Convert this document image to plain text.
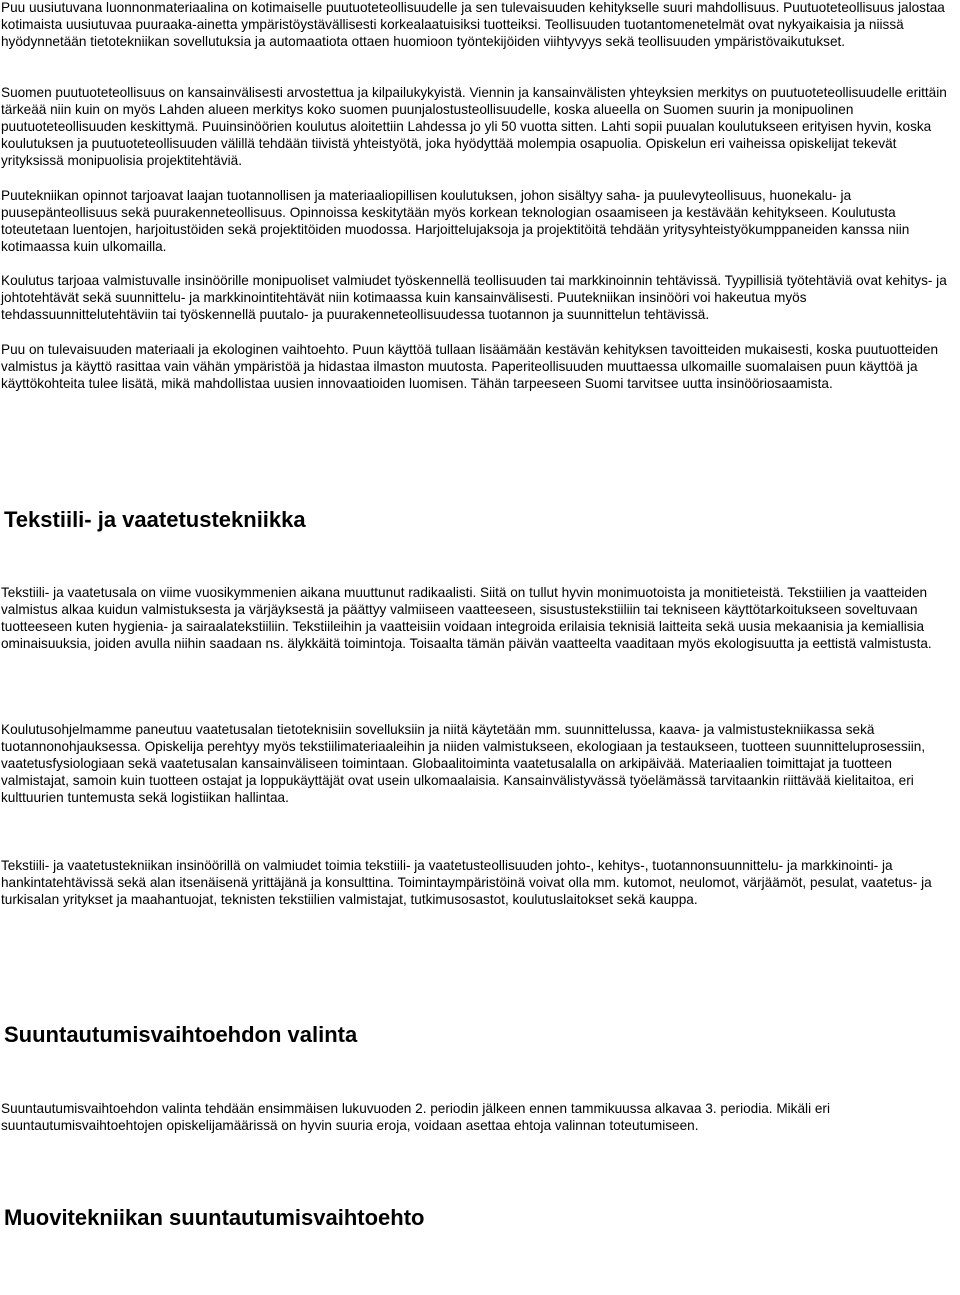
Puu uusiutuvana luonnonmateriaalina on kotimaiselle puutuoteteollisuudelle ja sen tulevaisuuden kehitykselle suuri mahdollisuus. Puutuoteteollisuus jalostaa kotimaista uusiutuvaa puuraaka-ainetta ympäristöystävällisesti korkealaatuisiksi tuotteiksi. Teollisuuden tuotantomenetelmät ovat nykyaikaisia ja niissä hyödynnetään tietotekniikan sovellutuksia ja automaatiota ottaen huomioon työntekijöiden viihtyvyys sekä teollisuuden ympäristövaikutukset.

Suomen puutuoteteollisuus on kansainvälisesti arvostettua ja kilpailukykyistä. Viennin ja kansainvälisten yhteyksien merkitys on puutuoteteollisuudelle erittäin tärkeää niin kuin on myös Lahden alueen merkitys koko suomen puunjalostusteollisuudelle, koska alueella on Suomen suurin ja monipuolinen puutuoteteollisuuden keskittymä. Puuinsinöörien koulutus aloitettiin Lahdessa jo yli 50 vuotta sitten. Lahti sopii puualan koulutukseen erityisen hyvin, koska koulutuksen ja puutuoteteollisuuden välillä tehdään tiivistä yhteistyötä, joka hyödyttää molempia osapuolia. Opiskelun eri vaiheissa opiskelijat tekevät yrityksissä monipuolisia projektitehtäviä.

Puutekniikan opinnot tarjoavat laajan tuotannollisen ja materiaaliopillisen koulutuksen, johon sisältyy saha- ja puulevyteollisuus, huonekalu- ja puusepänteollisuus sekä puurakenneteollisuus. Opinnoissa keskitytään myös korkean teknologian osaamiseen ja kestävään kehitykseen. Koulutusta toteutetaan luentojen, harjoitustöiden sekä projektitöiden muodossa. Harjoittelujaksoja ja projektitöitä tehdään yritysyhteistyökumppaneiden kanssa niin kotimaassa kuin ulkomailla.

Koulutus tarjoaa valmistuvalle insinöörille monipuoliset valmiudet työskennellä teollisuuden tai markkinoinnin tehtävissä. Tyypillisiä työtehtäviä ovat kehitys- ja johtotehtävät sekä suunnittelu- ja markkinointitehtävät niin kotimaassa kuin kansainvälisesti. Puutekniikan insinööri voi hakeutua myös tehdassuunnittelutehtäviin tai työskennellä puutalo- ja puurakenneteollisuudessa tuotannon ja suunnittelun tehtävissä.

Puu on tulevaisuuden materiaali ja ekologinen vaihtoehto. Puun käyttöä tullaan lisäämään kestävän kehityksen tavoitteiden mukaisesti, koska puutuotteiden valmistus ja käyttö rasittaa vain vähän ympäristöä ja hidastaa ilmaston muutosta. Paperiteollisuuden muuttaessa ulkomaille suomalaisen puun käyttöä ja käyttökohteita tulee lisätä, mikä mahdollistaa uusien innovaatioiden luomisen. Tähän tarpeeseen Suomi tarvitsee uutta insinööriosaamista.

Tekstiili- ja vaatetustekniikka

Tekstiili- ja vaatetusala on viime vuosikymmenien aikana muuttunut radikaalisti. Siitä on tullut hyvin monimuotoista ja monitieteistä. Tekstiilien ja vaatteiden valmistus alkaa kuidun valmistuksesta ja värjäyksestä ja päättyy valmiiseen vaatteeseen, sisustustekstiiliin tai tekniseen käyttötarkoitukseen soveltuvaan tuotteeseen kuten hygienia- ja sairaalatekstiiliin. Tekstiileihin ja vaatteisiin voidaan integroida erilaisia teknisiä laitteita sekä uusia mekaanisia ja kemiallisia ominaisuuksia, joiden avulla niihin saadaan ns. älykkäitä toimintoja. Toisaalta tämän päivän vaatteelta vaaditaan myös ekologisuutta ja eettistä valmistusta.

Koulutusohjelmamme paneutuu vaatetusalan tietoteknisiin sovelluksiin ja niitä käytetään mm. suunnittelussa, kaava- ja valmistustekniikassa sekä tuotannonohjauksessa. Opiskelija perehtyy myös tekstiilimateriaaleihin ja niiden valmistukseen, ekologiaan ja testaukseen, tuotteen suunnitteluprosessiin, vaatetusfysiologiaan sekä vaatetusalan kansainväliseen toimintaan. Globaalitoiminta vaatetusalalla on arkipäivää. Materiaalien toimittajat ja tuotteen valmistajat, samoin kuin tuotteen ostajat ja loppukäyttäjät ovat usein ulkomaalaisia. Kansainvälistyvässä työelämässä tarvitaankin riittävää kielitaitoa, eri kulttuurien tuntemusta sekä logistiikan hallintaa.

Tekstiili- ja vaatetustekniikan insinöörillä on valmiudet toimia tekstiili- ja vaatetusteollisuuden johto-, kehitys-, tuotannonsuunnittelu- ja markkinointi- ja hankintatehtävissä sekä alan itsenäisenä yrittäjänä ja konsulttina. Toimintaympäristöinä voivat olla mm. kutomot, neulomot, värjäämöt, pesulat, vaatetus- ja turkisalan yritykset ja maahantuojat, teknisten tekstiilien valmistajat, tutkimusosastot, koulutuslaitokset sekä kauppa.

Suuntautumisvaihtoehdon valinta

Suuntautumisvaihtoehdon valinta tehdään ensimmäisen lukuvuoden 2. periodin jälkeen ennen tammikuussa alkavaa 3. periodia. Mikäli eri suuntautumisvaihtoehtojen opiskelijamäärissä on hyvin suuria eroja, voidaan asettaa ehtoja valinnan toteutumiseen.

Muovitekniikan suuntautumisvaihtoehto
